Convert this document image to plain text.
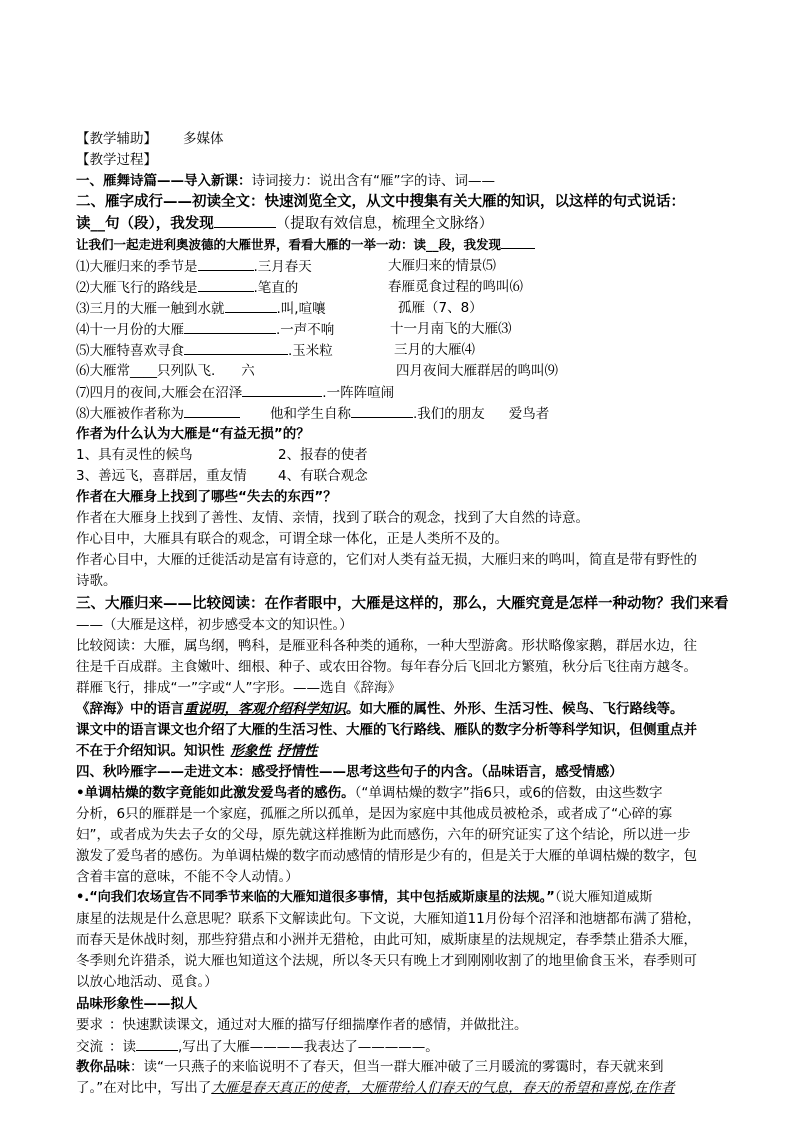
【教学辅助】 多媒体
【教学过程】
一、雁舞诗篇——导入新课：诗词接力：说出含有“雁”字的诗、词——
二、雁字成行——初读全文：快速浏览全文，从文中搜集有关大雁的知识，以这样的句式说话：
读__句（段），我发现	（提取有效信息，梳理全文脉络）
让我们一起走进利奥波德的大雁世界，看看大雁的一举一动：读__段，我发现
⑴大雁归来的季节是	.三月春天	大雁归来的情景⑸
⑵大雁飞行的路线是	.笔直的	春雁觅食过程的鸣叫⑹
⑶三月的大雁一触到水就	.叫,喧嚷	孤雁（7、8）
⑷十一月份的大雁	.一声不响	十一月南飞的大雁⑶
⑸大雁特喜欢寻食	.玉米粒	三月的大雁⑷
⑹大雁常____只列队飞. 六	四月夜间大雁群居的鸣叫⑼
⑺四月的夜间,大雁会在沼泽	.一阵阵喧闹
⑻大雁被作者称为	他和学生自称	.我们的朋友 爱鸟者
作者为什么认为大雁是“有益无损”的？
1、具有灵性的候鸟	2、报春的使者
3、善远飞，喜群居，重友情 4、有联合观念
作者在大雁身上找到了哪些“失去的东西”？
作者在大雁身上找到了善性、友情、亲情，找到了联合的观念，找到了大自然的诗意。
作心目中，大雁具有联合的观念，可谓全球一体化，正是人类所不及的。
作者心目中，大雁的迁徙活动是富有诗意的，它们对人类有益无损，大雁归来的鸣叫，简直是带有野性的
诗歌。
三、大雁归来——比较阅读：在作者眼中，大雁是这样的，那么，大雁究竟是怎样一种动物？我们来看
——（大雁是这样，初步感受本文的知识性。）
比较阅读：大雁，属鸟纲，鸭科，是雁亚科各种类的通称，一种大型游禽。形状略像家鹅，群居水边，往
往是千百成群。主食嫩叶、细根、种子、或农田谷物。每年春分后飞回北方繁殖，秋分后飞往南方越冬。
群雁飞行，排成“一”字或“人”字形。——选自《辞海》
《辞海》中的语言重说明，客观介绍科学知识。如大雁的属性、外形、生活习性、候鸟、飞行路线等。
课文中的语言课文也介绍了大雁的生活习性、大雁的飞行路线、雁队的数字分析等科学知识，但侧重点并
不在于介绍知识。知识性 形象性 抒情性
四、秋吟雁字——走进文本：感受抒情性——思考这些句子的内含。（品味语言，感受情感）
•单调枯燥的数字竟能如此激发爱鸟者的感伤。（“单调枯燥的数字”指6只，或6的倍数，由这些数字
分析，6只的雁群是一个家庭，孤雁之所以孤单，是因为家庭中其他成员被枪杀，或者成了“心碎的寡
妇”，或者成为失去子女的父母，原先就这样推断为此而感伤，六年的研究证实了这个结论，所以进一步
激发了爱鸟者的感伤。为单调枯燥的数字而动感情的情形是少有的，但是关于大雁的单调枯燥的数字，包
含着丰富的意味，不能不令人动情。）
•.“向我们农场宣告不同季节来临的大雁知道很多事情，其中包括威斯康星的法规。”（说大雁知道威斯
康星的法规是什么意思呢？联系下文解读此句。下文说，大雁知道11月份每个沼泽和池塘都布满了猎枪，
而春天是休战时刻，那些狩猎点和小洲并无猎枪，由此可知，威斯康星的法规规定，春季禁止猎杀大雁，
冬季则允许猎杀，说大雁也知道这个法规，所以冬天只有晚上才到刚刚收割了的地里偷食玉米，春季则可
以放心地活动、觅食。）
品味形象性——拟人
要求 ：快速默读课文，通过对大雁的描写仔细揣摩作者的感情，并做批注。
交流 ：读	,写出了大雁————我表达了—————。
教你品味：读“一只燕子的来临说明不了春天，但当一群大雁冲破了三月暖流的雾霭时，春天就来到
了。”在对比中，写出了大雁是春天真正的使者，大雁带给人们春天的气息，春天的希望和喜悦,在作者
